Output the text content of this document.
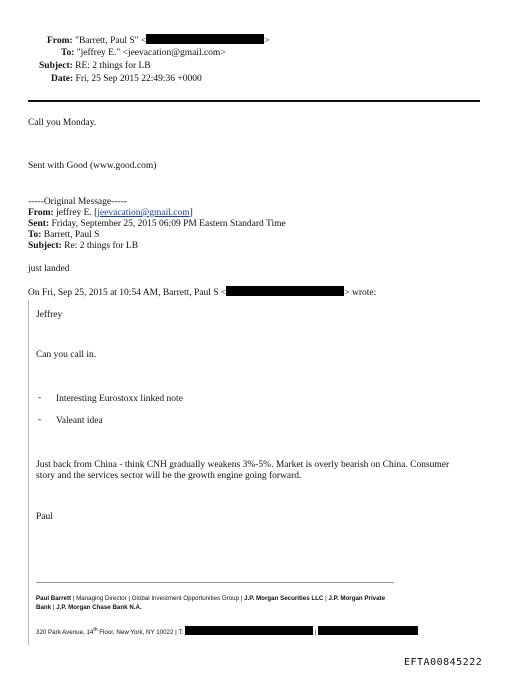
From: "Barrett, Paul S" <	>
To: "jeffrey E." <jeevacation@gmail.com>
Subject: RE: 2 things for LB
Date: Fri, 25 Sep 2015 22:49:36 +0000
Call you Monday.
Sent with Good (www.good.com)
-----Original Message-----
From: jeffrey E. [jeevacation@gmail.com]
Sent: Friday, September 25, 2015 06:09 PM Eastern Standard Time
To: Barrett, Paul S
Subject: Re: 2 things for LB
just landed
On Fri, Sep 25, 2015 at 10:54 AM, Barrett, Paul S <	> wrote:
Jeffrey
Can you call in.
- Interesting Eurostoxx linked note
- Valeant idea
Just back from China - think CNH gradually weakens 3%-5%. Market is overly bearish on China. Consumer
story and the services sector will be the growth engine going forward.
Paul
Paul Barrett | Managing Director | Global Investment Opportunities Group | J.P. Morgan Securities LLC | J.P. Morgan Private
Bank | J.P. Morgan Chase Bank N.A.
320 Park Avenue, 14th Floor, New York, NY 10022 | T:	|
EFTA00845222
